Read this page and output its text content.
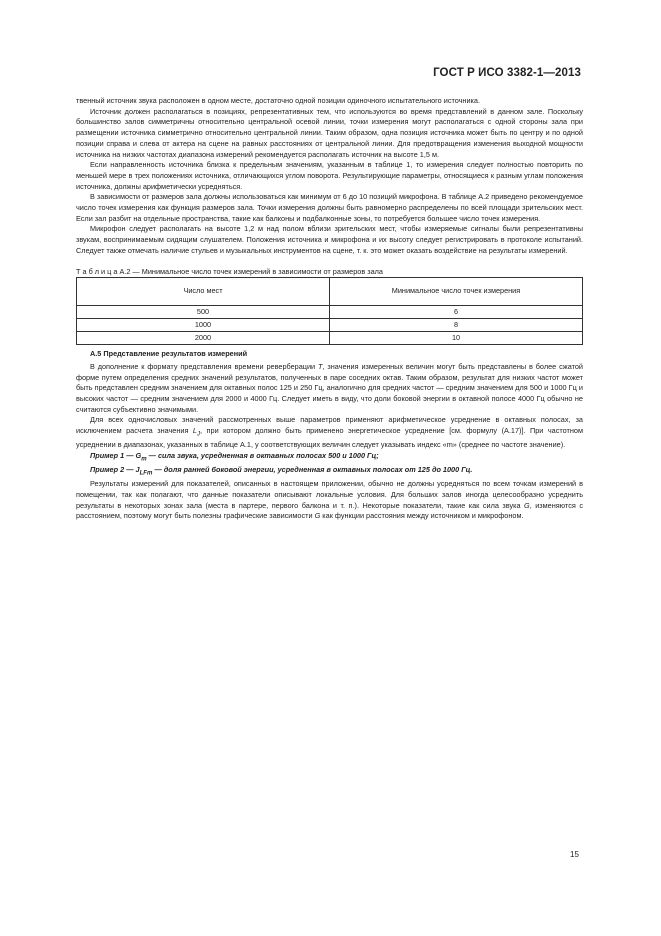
ГОСТ Р ИСО 3382-1—2013

твенный источник звука расположен в одном месте, достаточно одной позиции одиночного испытательного источника.

Источник должен располагаться в позициях, репрезентативных тем, что используются во время представлений в данном зале. Поскольку большинство залов симметричны относительно центральной осевой линии, точки измерения могут располагаться с одной стороны зала при размещении источника симметрично относительно центральной линии. Таким образом, одна позиция источника может быть по центру и по одной позиции справа и слева от актера на сцене на равных расстояниях от центральной линии. Для предотвращения изменения выходной мощности источника на низких частотах диапазона измерений рекомендуется располагать источник на высоте 1,5 м.

Если направленность источника близка к предельным значениям, указанным в таблице 1, то измерения следует полностью повторить по меньшей мере в трех положениях источника, отличающихся углом поворота. Результирующие параметры, относящиеся к разным углам положения источника, должны арифметически усредняться.

В зависимости от размеров зала должны использоваться как минимум от 6 до 10 позиций микрофона. В таблице А.2 приведено рекомендуемое число точек измерения как функция размеров зала. Точки измерения должны быть равномерно распределены по всей площади зрительских мест. Если зал разбит на отдельные пространства, такие как балконы и подбалконные зоны, то потребуется большее число точек измерения.

Микрофон следует располагать на высоте 1,2 м над полом вблизи зрительских мест, чтобы измеряемые сигналы были репрезентативны звукам, воспринимаемым сидящим слушателем. Положения источника и микрофона и их высоту следует регистрировать в протоколе испытаний. Следует также отмечать наличие стульев и музыкальных инструментов на сцене, т. к. это может оказать воздействие на результаты измерений.

Т а б л и ц а А.2 — Минимальное число точек измерений в зависимости от размеров зала

Число мест	Минимальное число точек измерения
500	6
1000	8
2000	10

А.5 Представление результатов измерений

В дополнение к формату представления времени реверберации T, значения измеренных величин могут быть представлены в более сжатой форме путем определения средних значений результатов, полученных в паре соседних октав. Таким образом, результат для низких частот может быть представлен средним значением для октавных полос 125 и 250 Гц, аналогично для средних частот — средним значением для 500 и 1000 Гц и высоких частот — средним значением для 2000 и 4000 Гц. Следует иметь в виду, что доли боковой энергии в октавной полосе 4000 Гц обычно не считаются субъективно значимыми.

Для всех одночисловых значений рассмотренных выше параметров применяют арифметическое усреднение в октавных полосах, за исключением расчета значения $L_J$, при котором должно быть применено энергетическое усреднение [см. формулу (А.17)]. При частотном усреднении в диапазонах, указанных в таблице А.1, у соответствующих величин следует указывать индекс «m» (среднее по частоте значение).

Пример 1 — $G_m$ — сила звука, усредненная в октавных полосах 500 и 1000 Гц;

Пример 2 — $J_{LFm}$ — доля ранней боковой энергии, усредненная в октавных полосах от 125 до 1000 Гц.

Результаты измерений для показателей, описанных в настоящем приложении, обычно не должны усредняться по всем точкам измерений в помещении, так как полагают, что данные показатели описывают локальные условия. Для больших залов иногда целесообразно усреднить результаты в некоторых зонах зала (места в партере, первого балкона и т. п.). Некоторые показатели, такие как сила звука G, изменяются с расстоянием, поэтому могут быть полезны графические зависимости G как функции расстояния между источником и микрофоном.

15
